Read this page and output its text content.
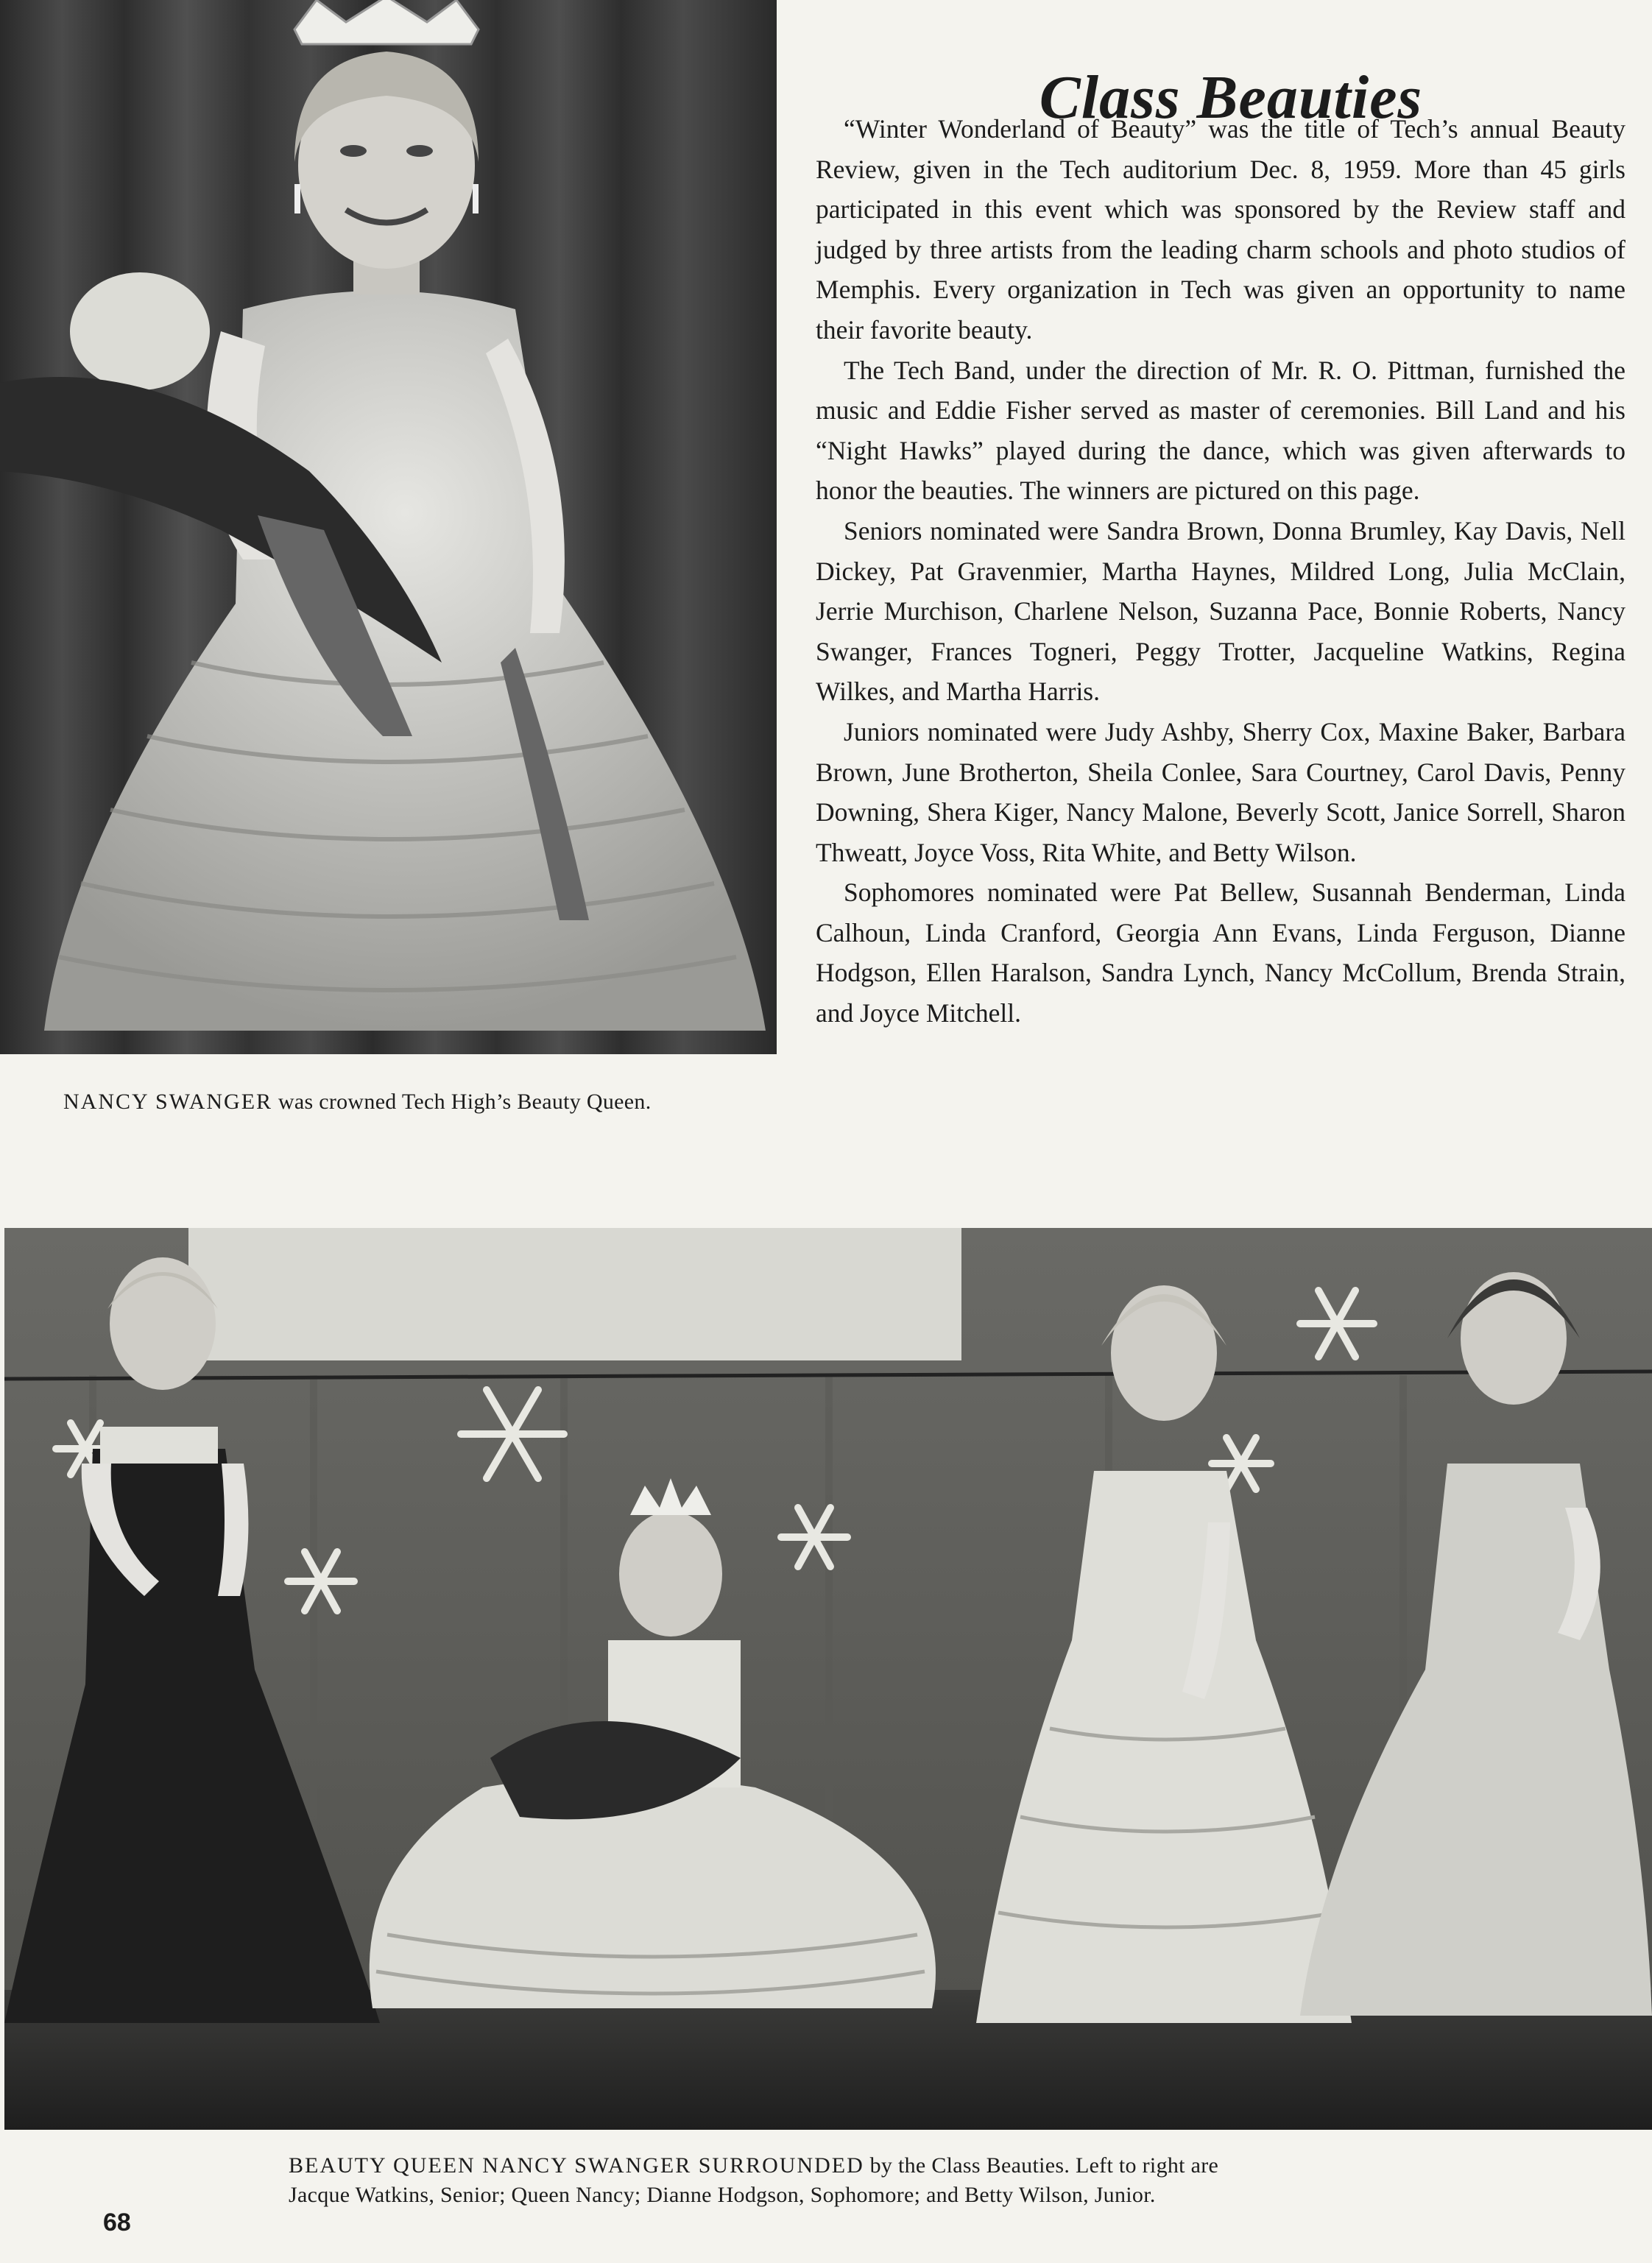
Class Beauties

“Winter Wonderland of Beauty” was the title of Tech’s annual Beauty Review, given in the Tech auditorium Dec. 8, 1959. More than 45 girls participated in this event which was sponsored by the Review staff and judged by three artists from the leading charm schools and photo studios of Memphis. Every organization in Tech was given an opportunity to name their favorite beauty.

The Tech Band, under the direction of Mr. R. O. Pittman, furnished the music and Eddie Fisher served as master of ceremonies. Bill Land and his “Night Hawks” played during the dance, which was given afterwards to honor the beauties. The winners are pictured on this page.

Seniors nominated were Sandra Brown, Donna Brumley, Kay Davis, Nell Dickey, Pat Gravenmier, Martha Haynes, Mildred Long, Julia McClain, Jerrie Murchison, Charlene Nelson, Suzanna Pace, Bonnie Roberts, Nancy Swanger, Frances Togneri, Peggy Trotter, Jacqueline Watkins, Regina Wilkes, and Martha Harris.

Juniors nominated were Judy Ashby, Sherry Cox, Maxine Baker, Barbara Brown, June Brotherton, Sheila Conlee, Sara Courtney, Carol Davis, Penny Downing, Shera Kiger, Nancy Malone, Beverly Scott, Janice Sorrell, Sharon Thweatt, Joyce Voss, Rita White, and Betty Wilson.

Sophomores nominated were Pat Bellew, Susannah Benderman, Linda Calhoun, Linda Cranford, Georgia Ann Evans, Linda Ferguson, Dianne Hodgson, Ellen Haralson, Sandra Lynch, Nancy McCollum, Brenda Strain, and Joyce Mitchell.

NANCY SWANGER was crowned Tech High’s Beauty Queen.
BEAUTY QUEEN NANCY SWANGER SURROUNDED by the Class Beauties. Left to right are
Jacque Watkins, Senior; Queen Nancy; Dianne Hodgson, Sophomore; and Betty Wilson, Junior.
68
